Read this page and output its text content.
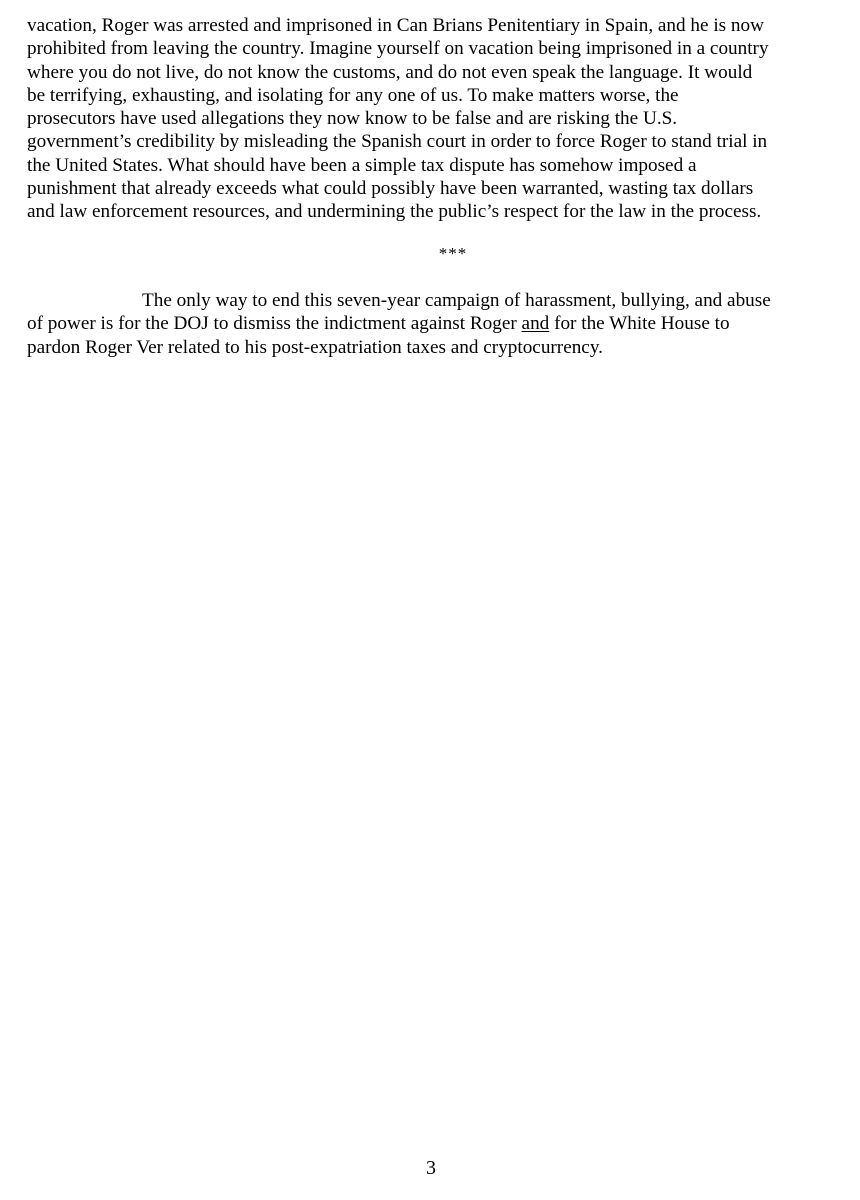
vacation, Roger was arrested and imprisoned in Can Brians Penitentiary in Spain, and he is now
prohibited from leaving the country. Imagine yourself on vacation being imprisoned in a country
where you do not live, do not know the customs, and do not even speak the language. It would
be terrifying, exhausting, and isolating for any one of us. To make matters worse, the
prosecutors have used allegations they now know to be false and are risking the U.S.
government’s credibility by misleading the Spanish court in order to force Roger to stand trial in
the United States. What should have been a simple tax dispute has somehow imposed a
punishment that already exceeds what could possibly have been warranted, wasting tax dollars
and law enforcement resources, and undermining the public’s respect for the law in the process.

***

The only way to end this seven-year campaign of harassment, bullying, and abuse
of power is for the DOJ to dismiss the indictment against Roger and for the White House to
pardon Roger Ver related to his post-expatriation taxes and cryptocurrency.

3
